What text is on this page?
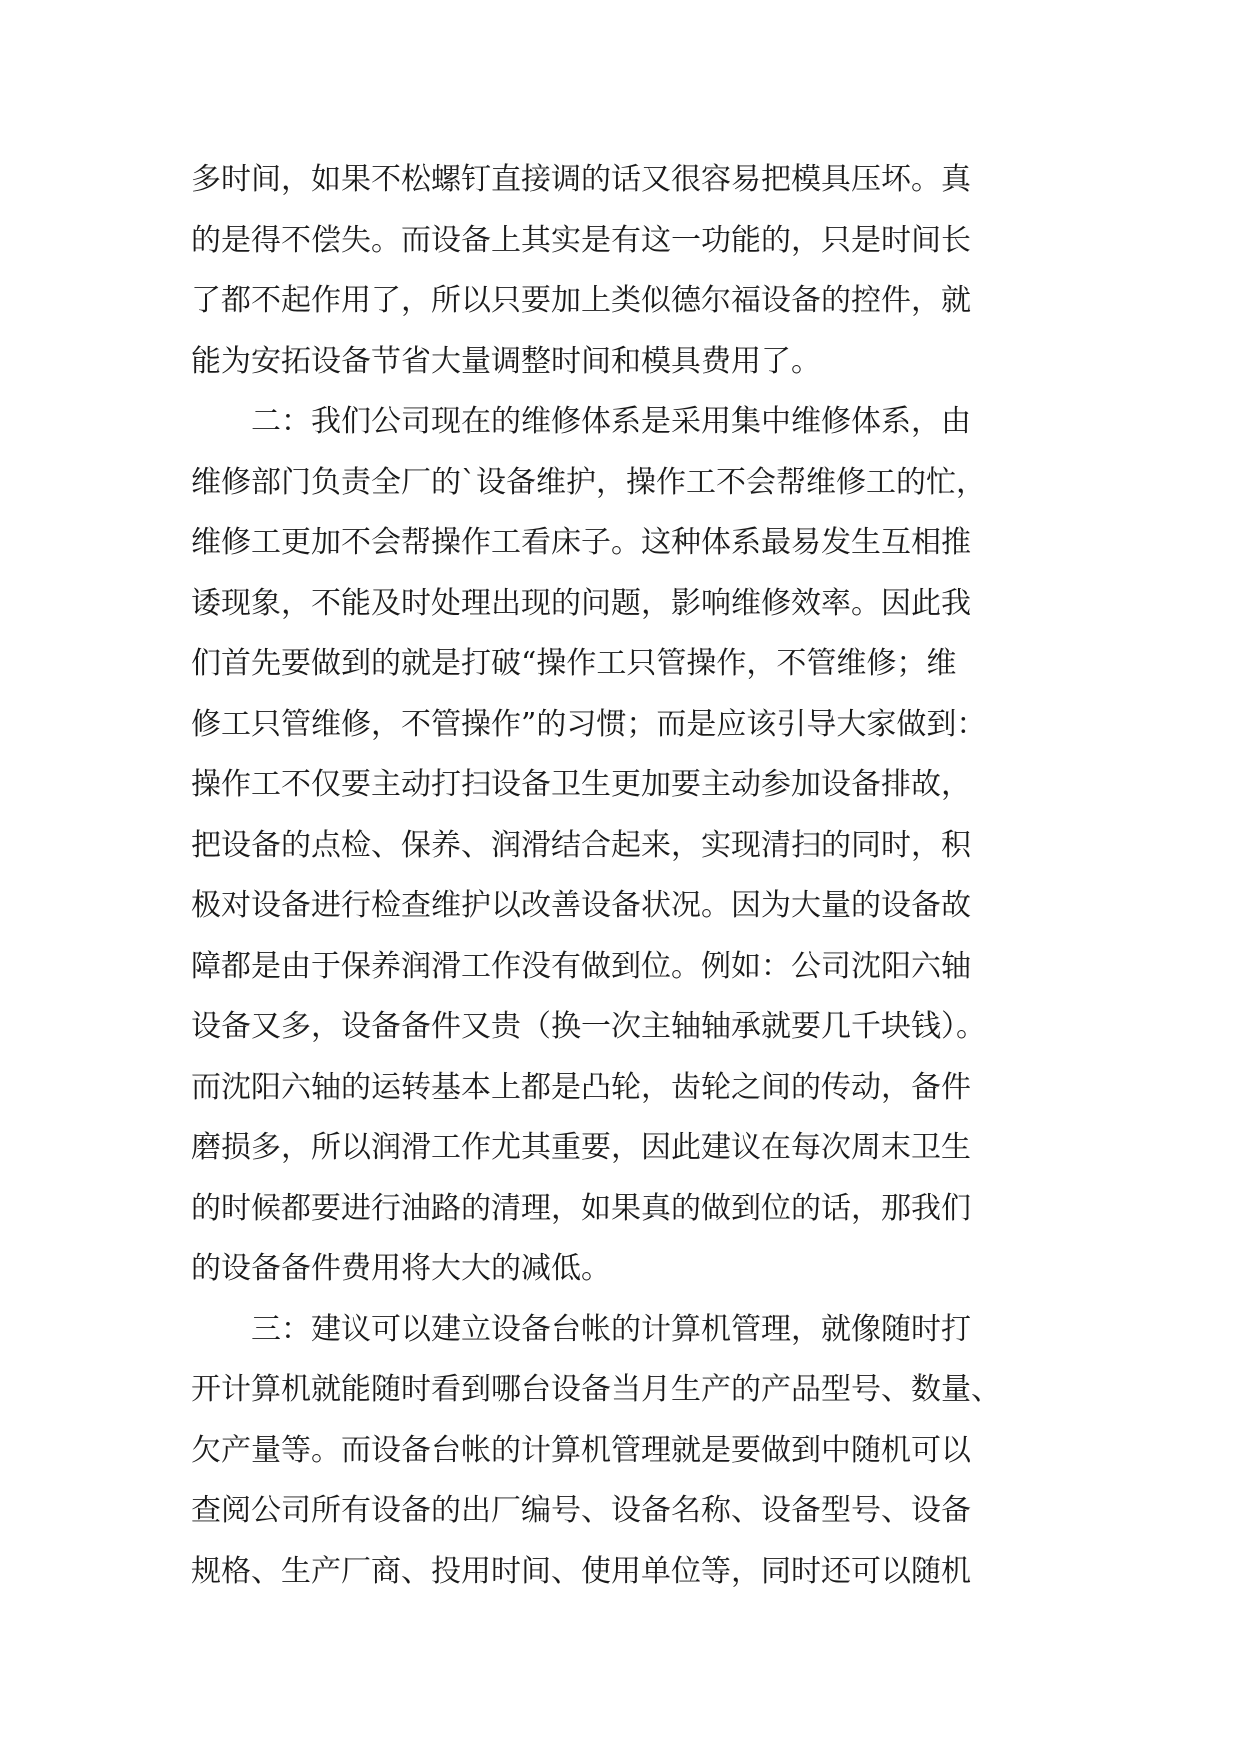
多时间，如果不松螺钉直接调的话又很容易把模具压坏。真
的是得不偿失。而设备上其实是有这一功能的，只是时间长
了都不起作用了，所以只要加上类似德尔福设备的控件，就
能为安拓设备节省大量调整时间和模具费用了。
　　二：我们公司现在的维修体系是采用集中维修体系，由
维修部门负责全厂的`设备维护，操作工不会帮维修工的忙，
维修工更加不会帮操作工看床子。这种体系最易发生互相推
诿现象，不能及时处理出现的问题，影响维修效率。因此我
们首先要做到的就是打破“操作工只管操作，不管维修；维
修工只管维修，不管操作”的习惯；而是应该引导大家做到：
操作工不仅要主动打扫设备卫生更加要主动参加设备排故，
把设备的点检、保养、润滑结合起来，实现清扫的同时，积
极对设备进行检查维护以改善设备状况。因为大量的设备故
障都是由于保养润滑工作没有做到位。例如：公司沈阳六轴
设备又多，设备备件又贵（换一次主轴轴承就要几千块钱）。
而沈阳六轴的运转基本上都是凸轮，齿轮之间的传动，备件
磨损多，所以润滑工作尤其重要，因此建议在每次周末卫生
的时候都要进行油路的清理，如果真的做到位的话，那我们
的设备备件费用将大大的减低。
　　三：建议可以建立设备台帐的计算机管理，就像随时打
开计算机就能随时看到哪台设备当月生产的产品型号、数量、
欠产量等。而设备台帐的计算机管理就是要做到中随机可以
查阅公司所有设备的出厂编号、设备名称、设备型号、设备
规格、生产厂商、投用时间、使用单位等，同时还可以随机
